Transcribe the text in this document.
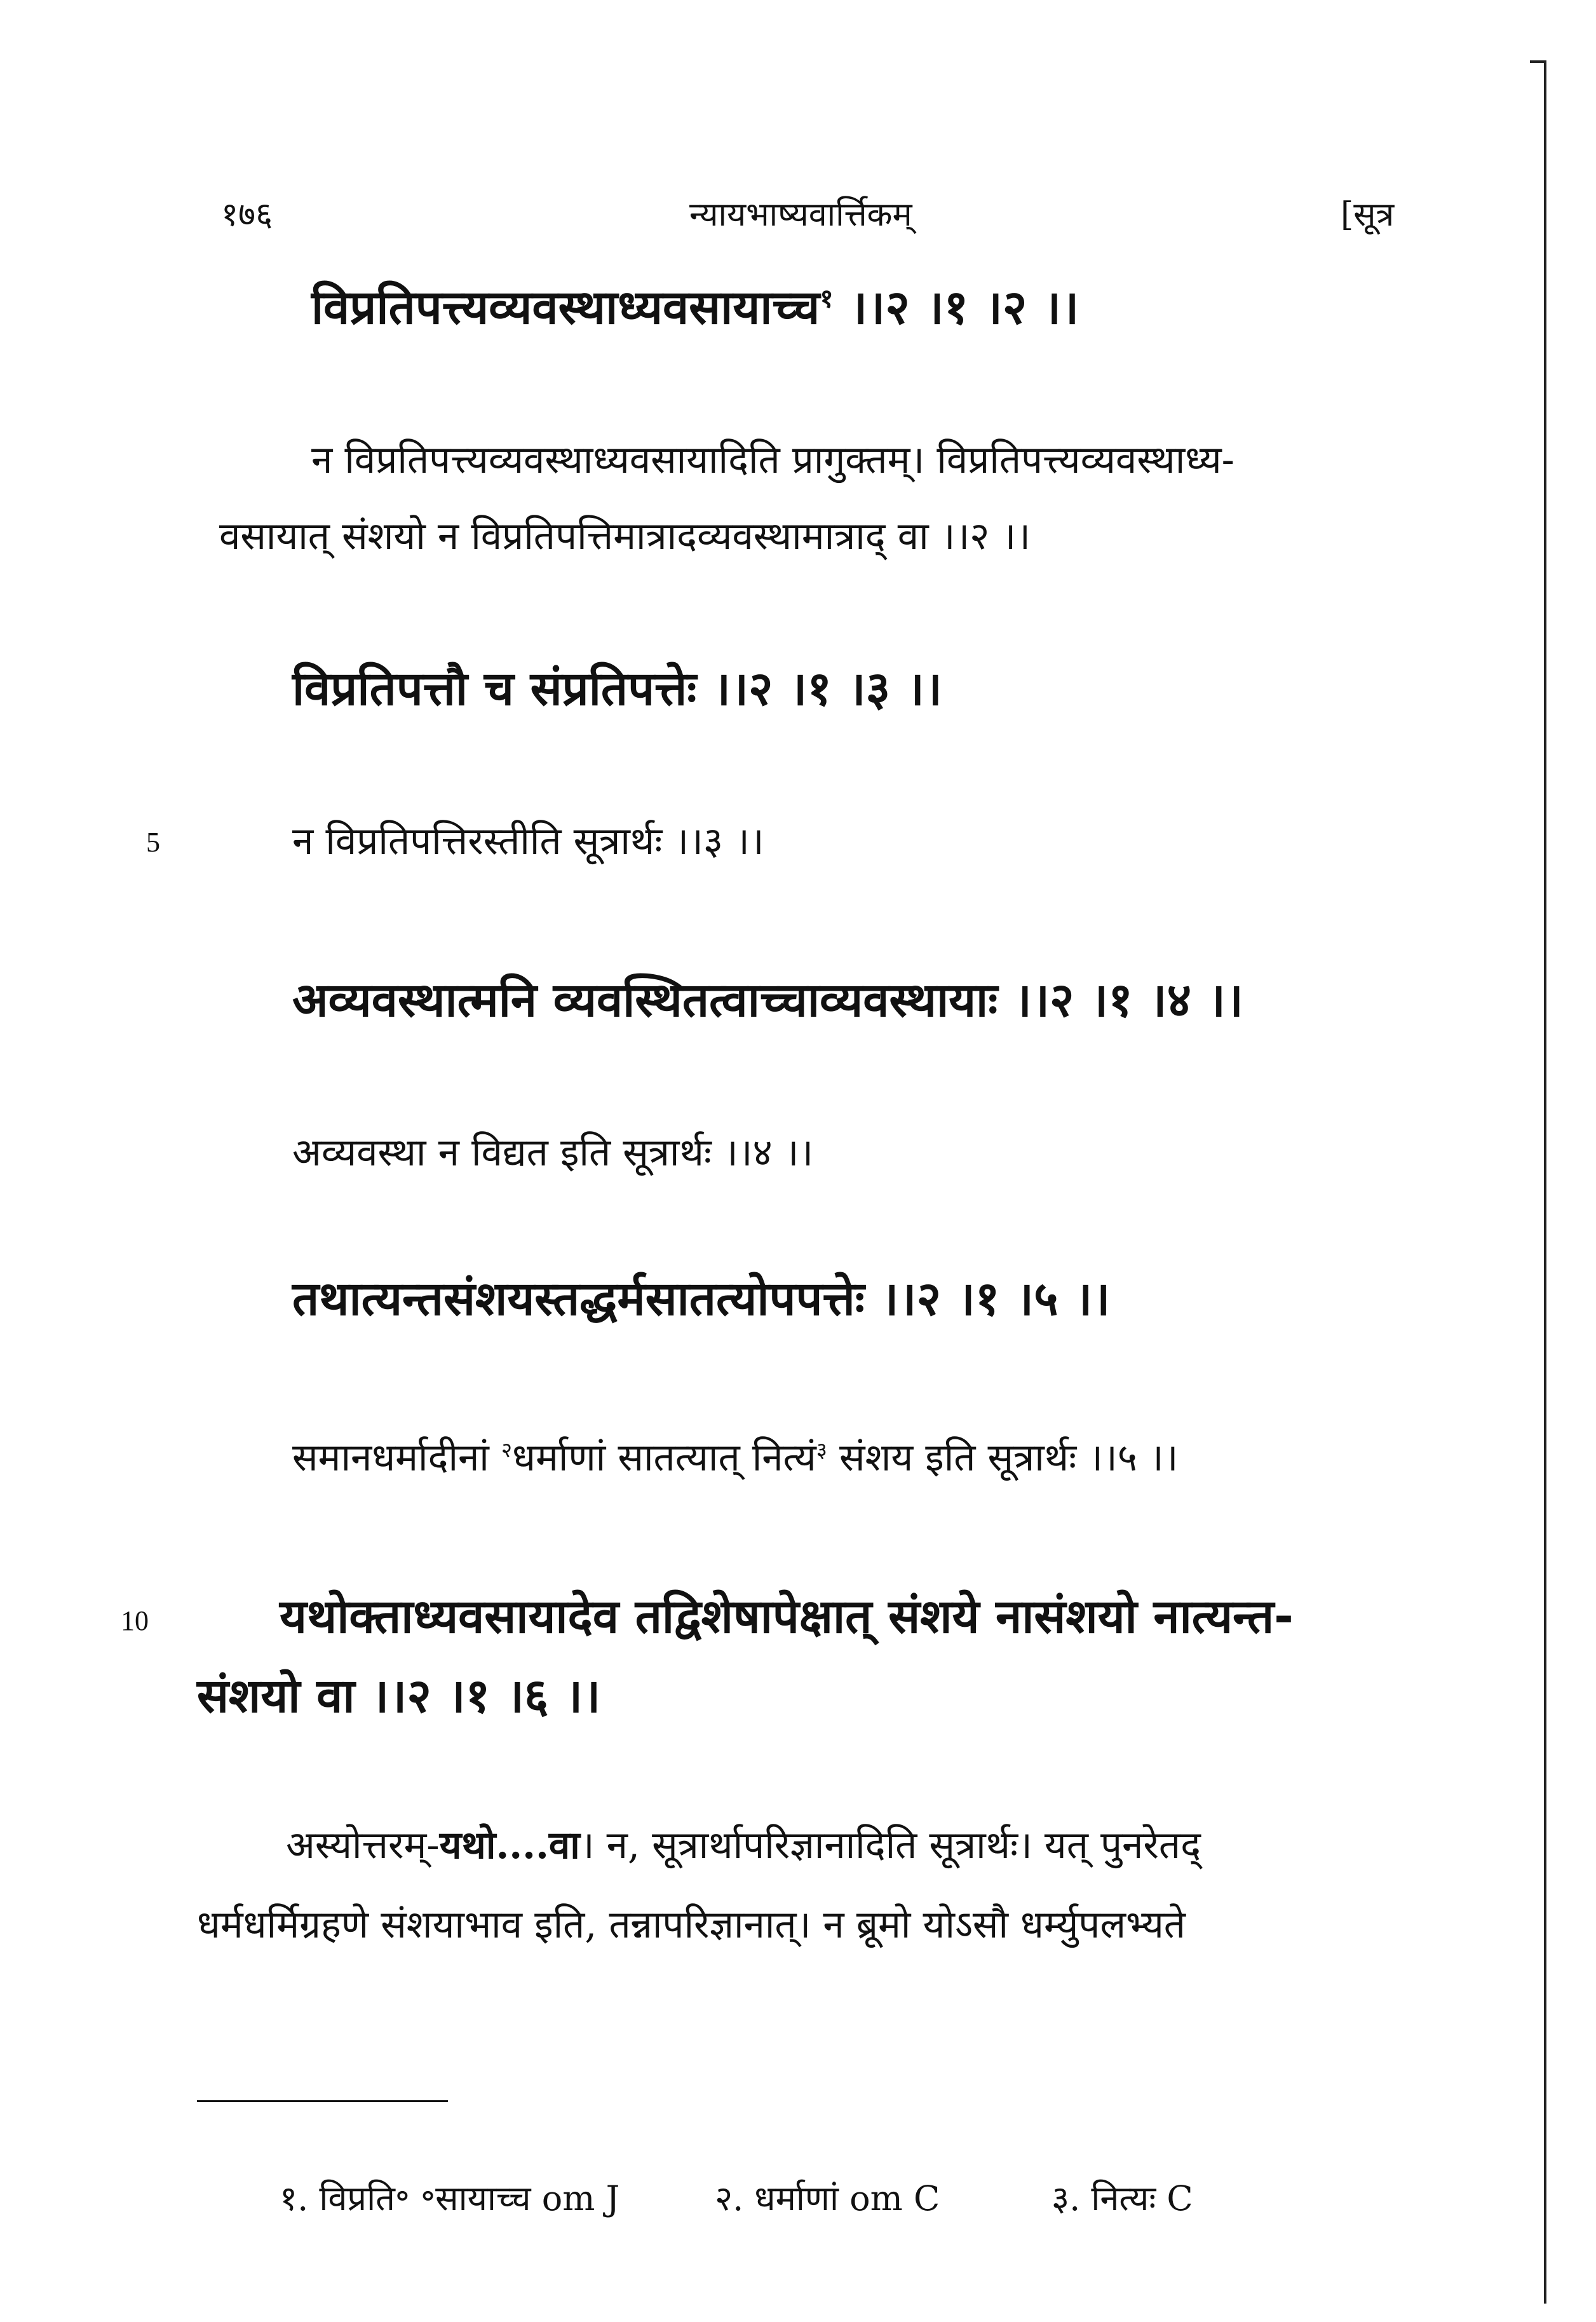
१७६	न्यायभाष्यवार्त्तिकम्	[सूत्र
विप्रतिपत्त्यव्यवस्थाध्यवसायाच्च$^१$ ।।२ ।१ ।२ ।।
न विप्रतिपत्त्यव्यवस्थाध्यवसायादिति प्रागुक्तम्। विप्रतिपत्त्यव्यवस्थाध्य-
वसायात् संशयो न विप्रतिपत्तिमात्रादव्यवस्थामात्राद् वा ।।२ ।।
विप्रतिपत्तौ च संप्रतिपत्तेः ।।२ ।१ ।३ ।।
5	न विप्रतिपत्तिरस्तीति सूत्रार्थः ।।३ ।।
अव्यवस्थात्मनि व्यवस्थितत्वाच्चाव्यवस्थायाः ।।२ ।१ ।४ ।।
अव्यवस्था न विद्यत इति सूत्रार्थः ।।४ ।।
तथात्यन्तसंशयस्तद्धर्मसातत्योपपत्तेः ।।२ ।१ ।५ ।।
समानधर्मादीनां $^२$धर्माणां सातत्यात् नित्यं$^३$ संशय इति सूत्रार्थः ।।५ ।।
10	यथोक्ताध्यवसायादेव तद्विशेषापेक्षात् संशये नासंशयो नात्यन्त-
संशयो वा ।।२ ।१ ।६ ।।
अस्योत्तरम्-यथो....वा। न, सूत्रार्थापरिज्ञानादिति सूत्रार्थः। यत् पुनरेतद्
धर्मधर्मिग्रहणे संशयाभाव इति, तन्नापरिज्ञानात्। न ब्रूमो योऽसौ धर्म्युपलभ्यते
१. विप्रति॰ ॰सायाच्च om J	२. धर्माणां om C	३. नित्यः C
